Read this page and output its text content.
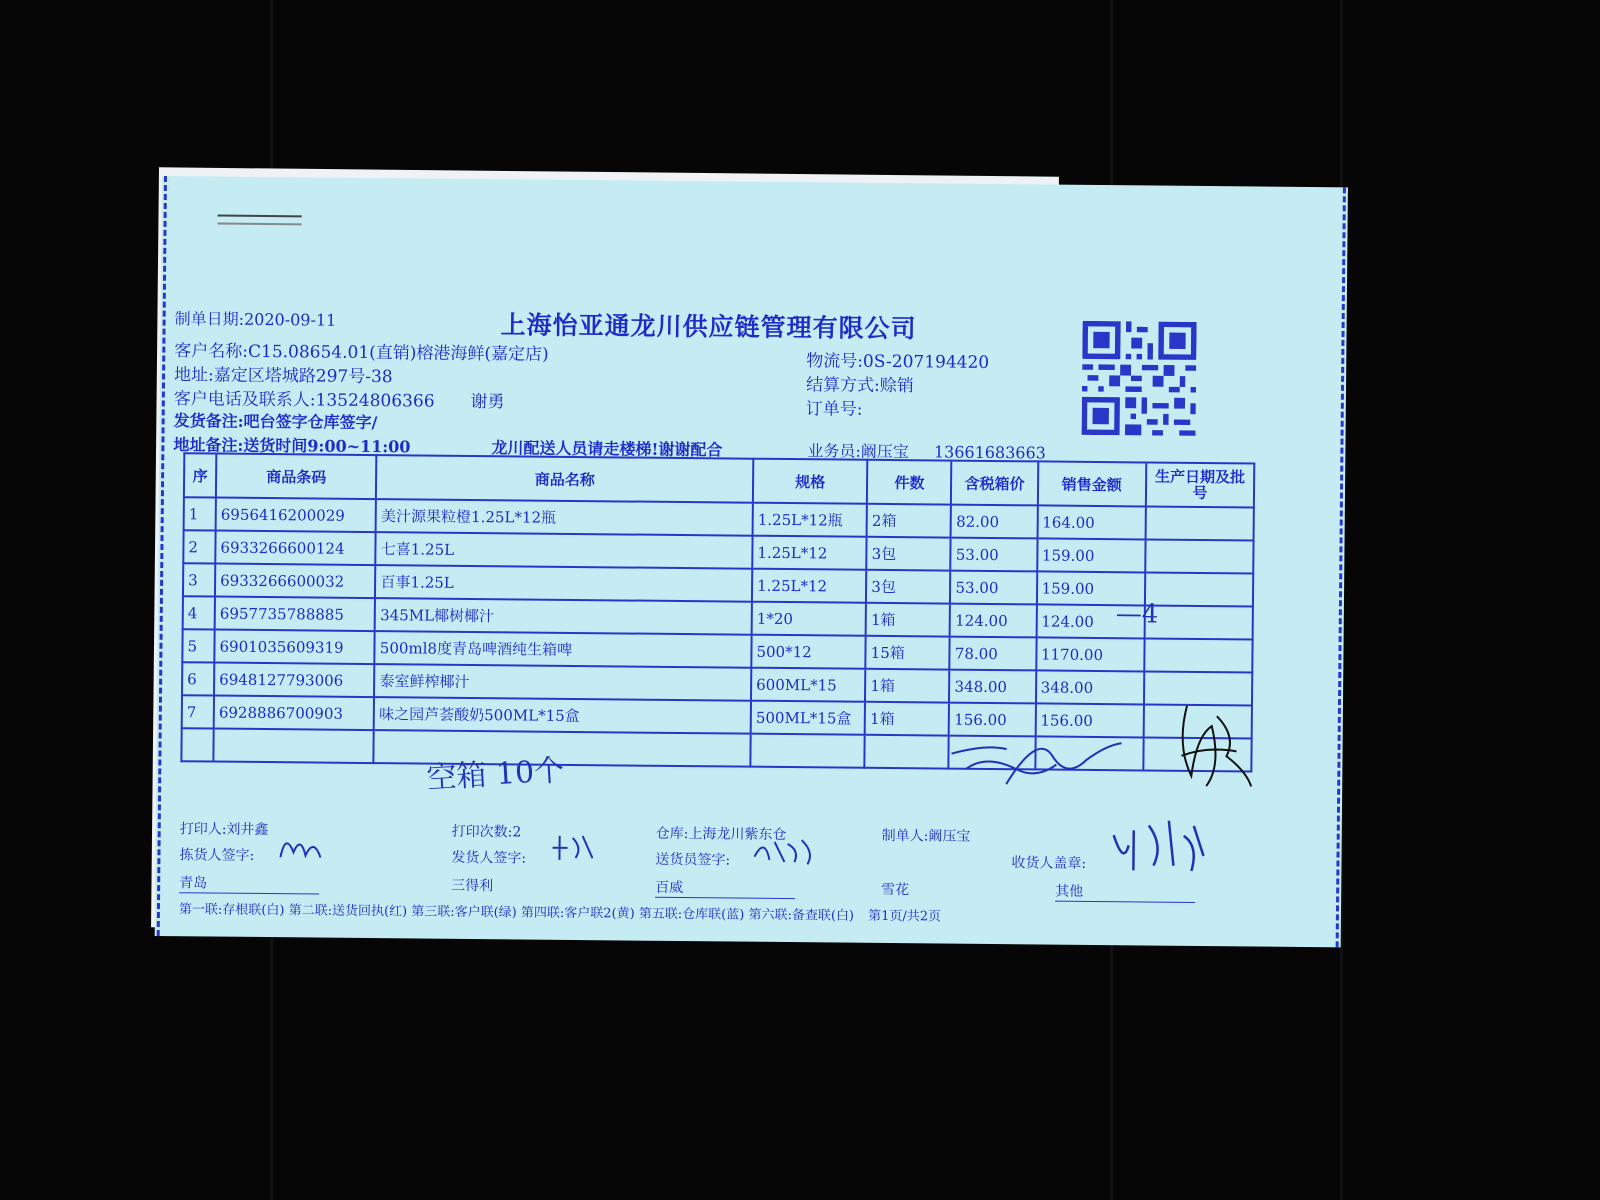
上海怡亚通龙川供应链管理有限公司
制单日期:2020-09-11
客户名称:C15.08654.01(直销)榕港海鲜(嘉定店)
地址:嘉定区塔城路297号-38
客户电话及联系人:13524806366 谢勇
发货备注:吧台签字仓库签字/
地址备注:送货时间9:00~11:00	龙川配送人员请走楼梯!谢谢配合	业务员:阚压宝 13661683663
物流号:0S-207194420
结算方式:赊销
订单号:
序	商品条码	商品名称	规格	件数	含税箱价	销售金额	生产日期及批号
1	6956416200029	美汁源果粒橙1.25L*12瓶	1.25L*12瓶	2箱	82.00	164.00	
2	6933266600124	七喜1.25L	1.25L*12	3包	53.00	159.00	
3	6933266600032	百事1.25L	1.25L*12	3包	53.00	159.00	
4	6957735788885	345ML椰树椰汁	1*20	1箱	124.00	124.00	
5	6901035609319	500ml8度青岛啤酒纯生箱啤	500*12	15箱	78.00	1170.00	
6	6948127793006	泰室鲜榨椰汁	600ML*15	1箱	348.00	348.00	
7	6928886700903	味之园芦荟酸奶500ML*15盒	500ML*15盒	1箱	156.00	156.00	

—4
空箱 10个
打印人:刘井鑫	打印次数:2	仓库:上海龙川紫东仓	制单人:阚压宝
拣货人签字:	发货人签字:	送货员签字:	收货人盖章:
青岛	三得利	百威	雪花	其他
第一联:存根联(白) 第二联:送货回执(红) 第三联:客户联(绿) 第四联:客户联2(黄) 第五联:仓库联(蓝) 第六联:备查联(白) 第1页/共2页
